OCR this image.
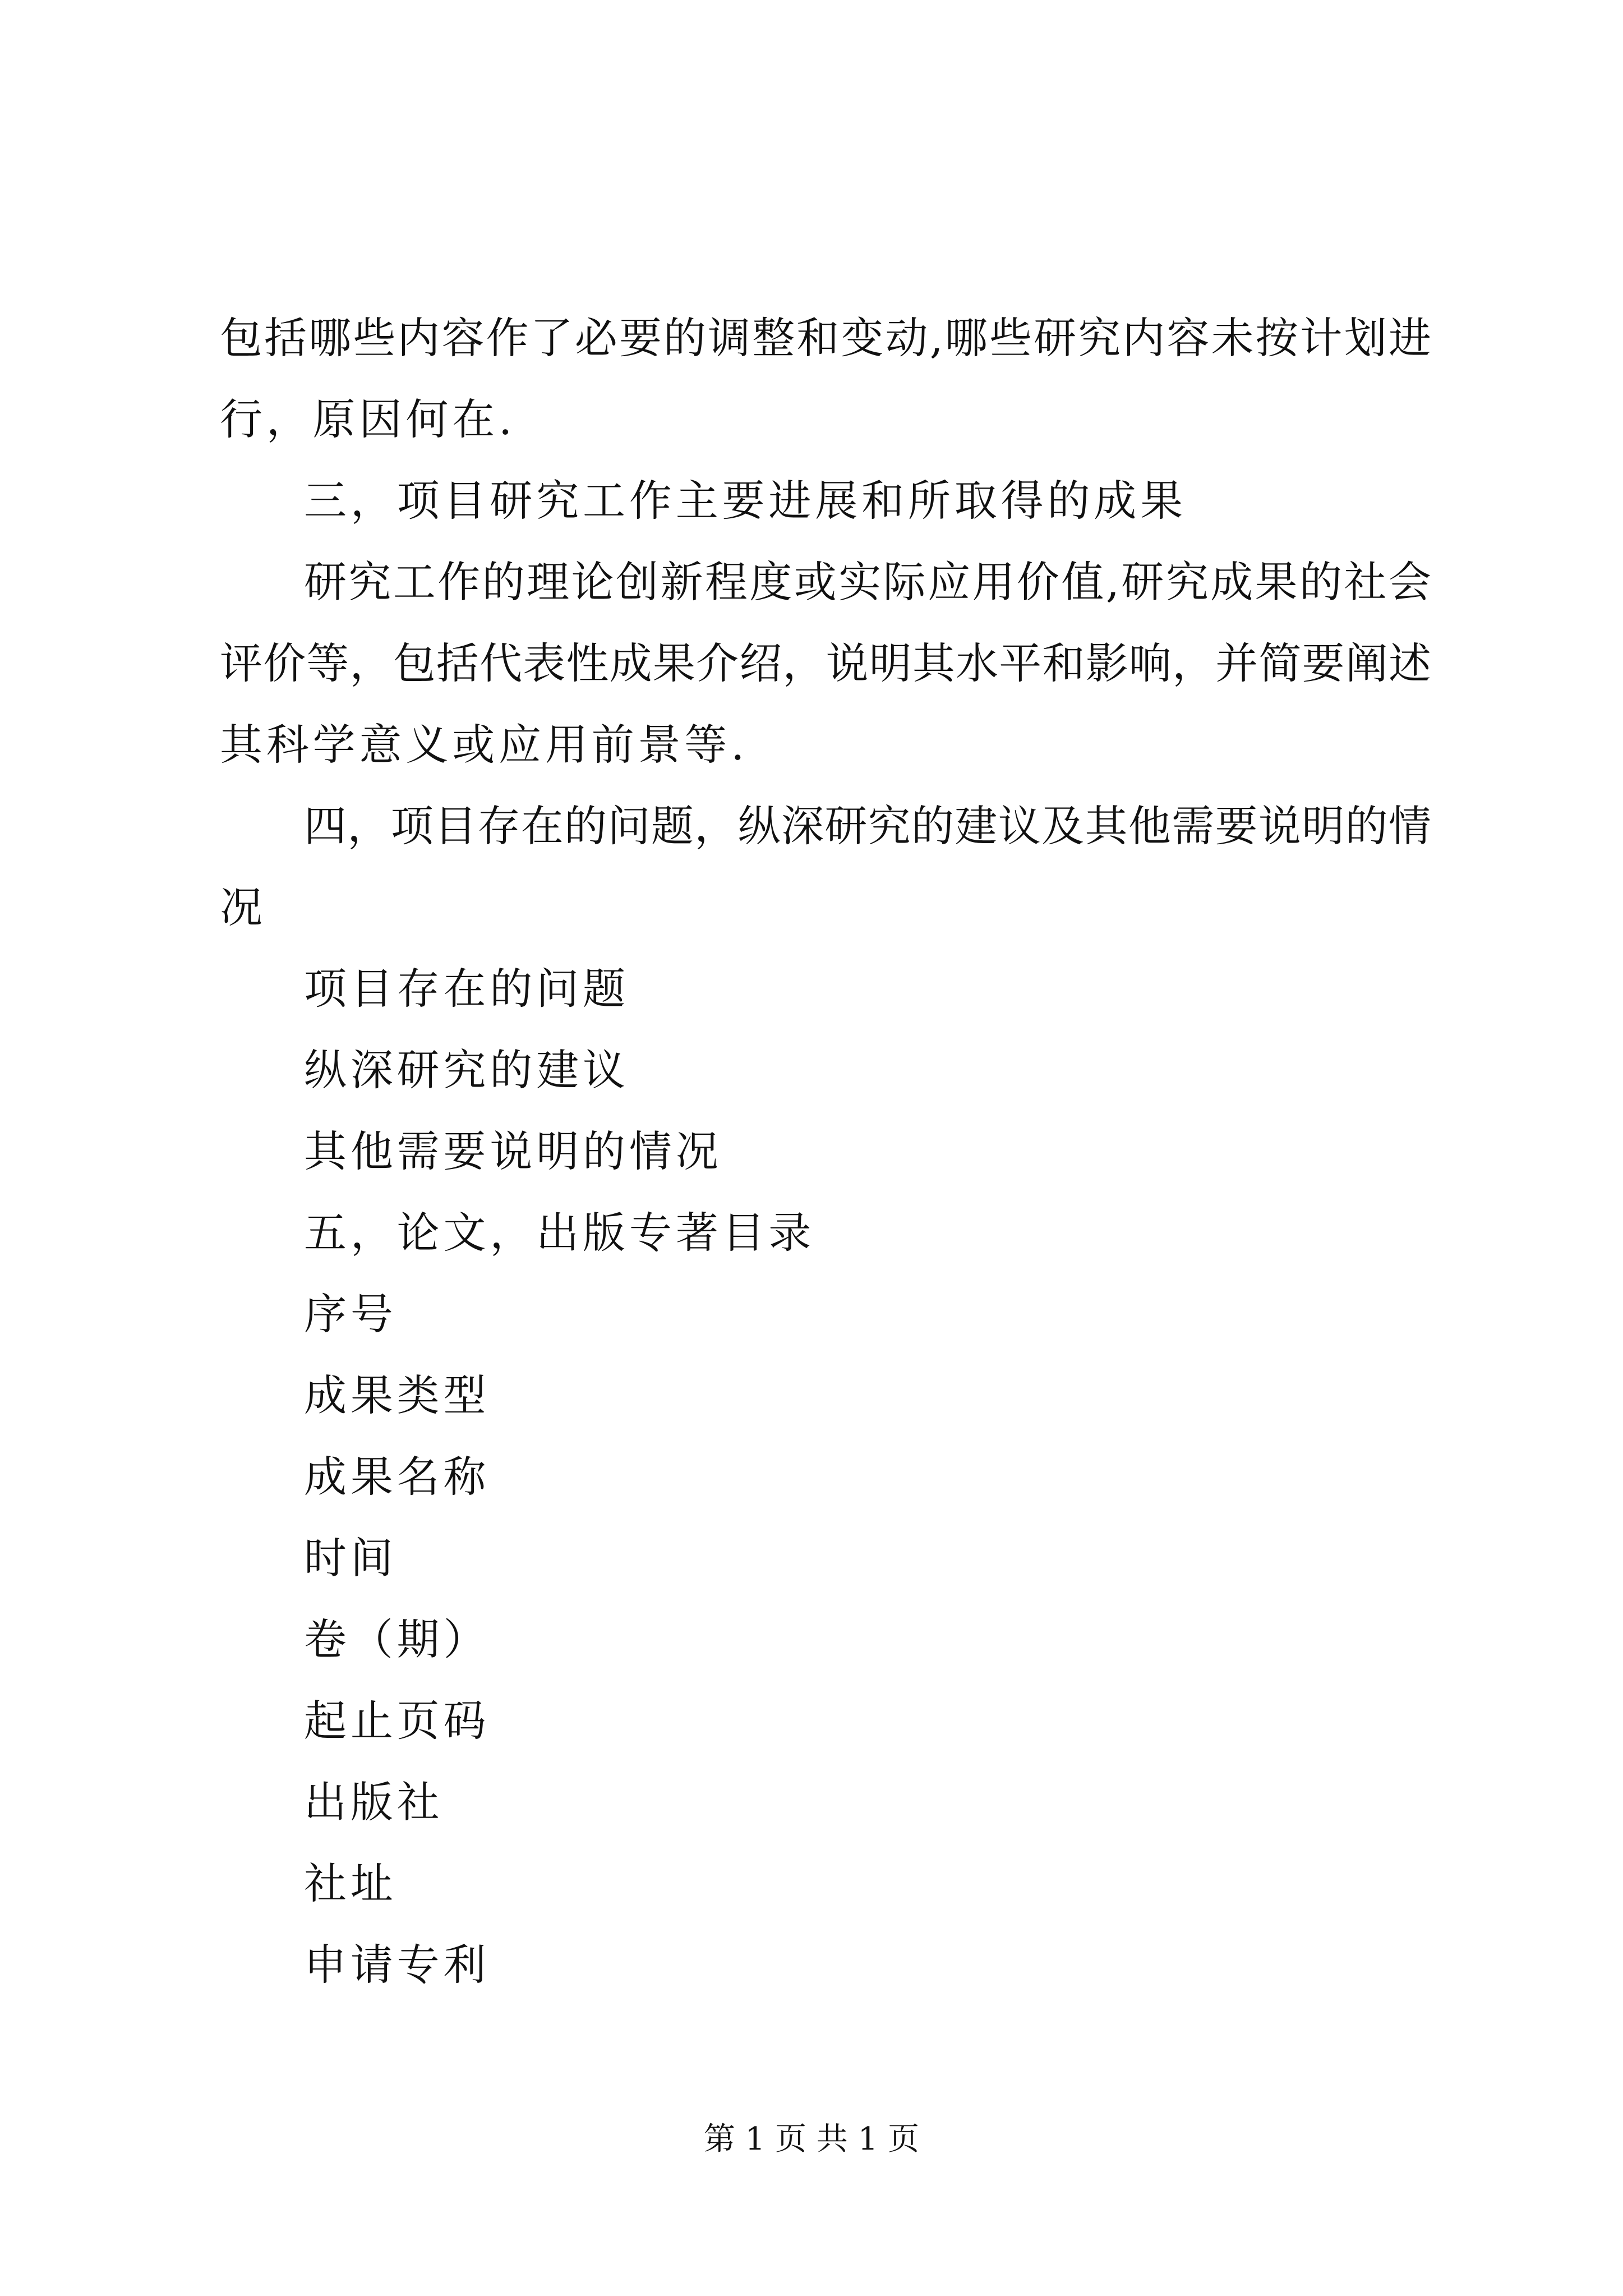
包括哪些内容作了必要的调整和变动,哪些研究内容未按计划进
行，原因何在.
三，项目研究工作主要进展和所取得的成果
研究工作的理论创新程度或实际应用价值,研究成果的社会
评价等，包括代表性成果介绍，说明其水平和影响，并简要阐述
其科学意义或应用前景等.
四，项目存在的问题，纵深研究的建议及其他需要说明的情
况
项目存在的问题
纵深研究的建议
其他需要说明的情况
五，论文，出版专著目录
序号
成果类型
成果名称
时间
卷（期）
起止页码
出版社
社址
申请专利
第 1 页 共 1 页
